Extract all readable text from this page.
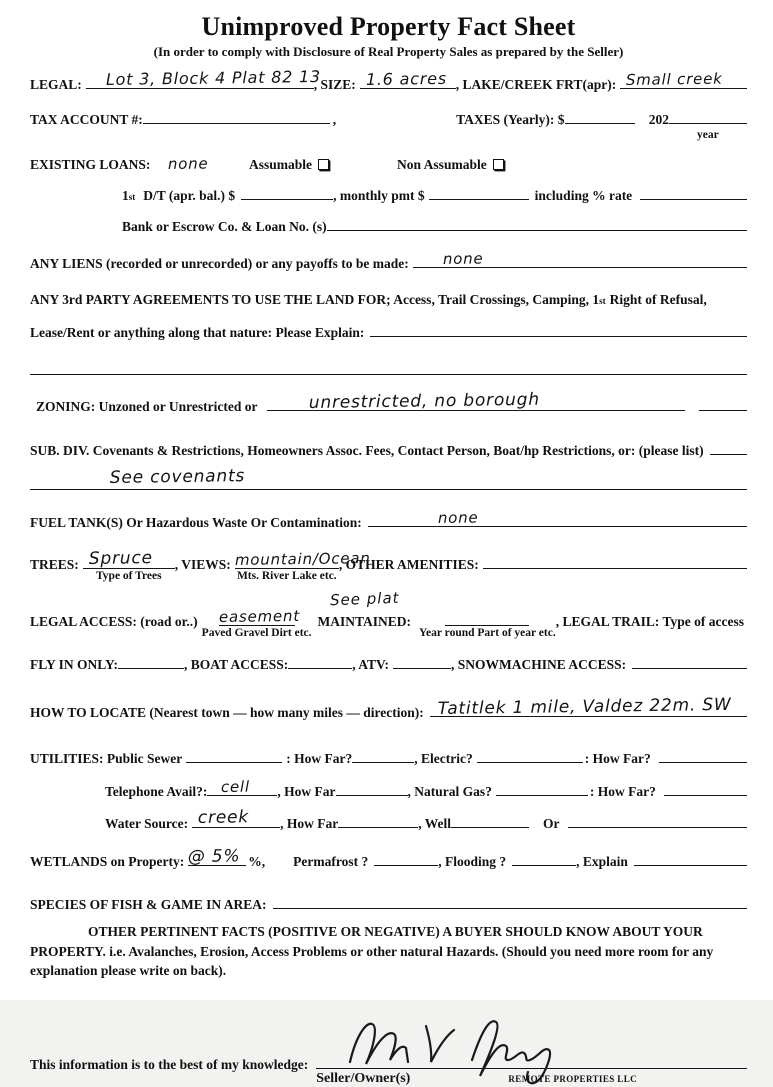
Unimproved Property Fact Sheet
(In order to comply with Disclosure of Real Property Sales as prepared by the Seller)
LEGAL: Lot 3, Block 4 Plat 82 13
, SIZE: 1.6 acres , LAKE/CREEK FRT(apr): Small creek
TAX ACCOUNT #:	,	TAXES (Yearly): $	202
year
EXISTING LOANS: none	Assumable	Non Assumable
1 st D/T (apr. bal.) $	, monthly pmt $	including % rate
Bank or Escrow Co. & Loan No. (s)
ANY LIENS (recorded or unrecorded) or any payoffs to be made: none
ANY 3rd PARTY AGREEMENTS TO USE THE LAND FOR; Access, Trail Crossings, Camping, 1 st Right of Refusal,
Lease/Rent or anything along that nature: Please Explain:
ZONING: Unzoned or Unrestricted or	unrestricted, no borough
SUB. DIV. Covenants & Restrictions, Homeowners Assoc. Fees, Contact Person, Boat/hp Restrictions, or: (please list)
See covenants
FUEL TANK(S) Or Hazardous Waste Or Contamination:	none
TREES: Spruce
Type of Trees
, VIEWS: mountain/Ocean
Mts. River Lake etc.
, OTHER AMENITIES:
See plat
LEGAL ACCESS: (road or..) easement
Paved Gravel Dirt etc.
MAINTAINED:
Year round Part of year etc.
, LEGAL TRAIL: Type of access
FLY IN ONLY:	, BOAT ACCESS:	, ATV:	, SNOWMACHINE ACCESS:
HOW TO LOCATE (Nearest town — how many miles — direction): Tatitlek 1 mile, Valdez 22m. SW
UTILITIES: Public Sewer	: How Far?	, Electric?	: How Far?
Telephone Avail?: cell , How Far	, Natural Gas?	: How Far?
Water Source: creek , How Far	, Well	Or
WETLANDS on Property: @ 5% %, Permafrost ?	, Flooding ?	, Explain
SPECIES OF FISH & GAME IN AREA:
OTHER PERTINENT FACTS (POSITIVE OR NEGATIVE) A BUYER SHOULD KNOW ABOUT YOUR PROPERTY. i.e. Avalanches, Erosion, Access Problems or other natural Hazards. (Should you need more room for any explanation please write on back).
This information is to the best of my knowledge:
Seller/Owner(s)	REMOTE PROPERTIES LLC
